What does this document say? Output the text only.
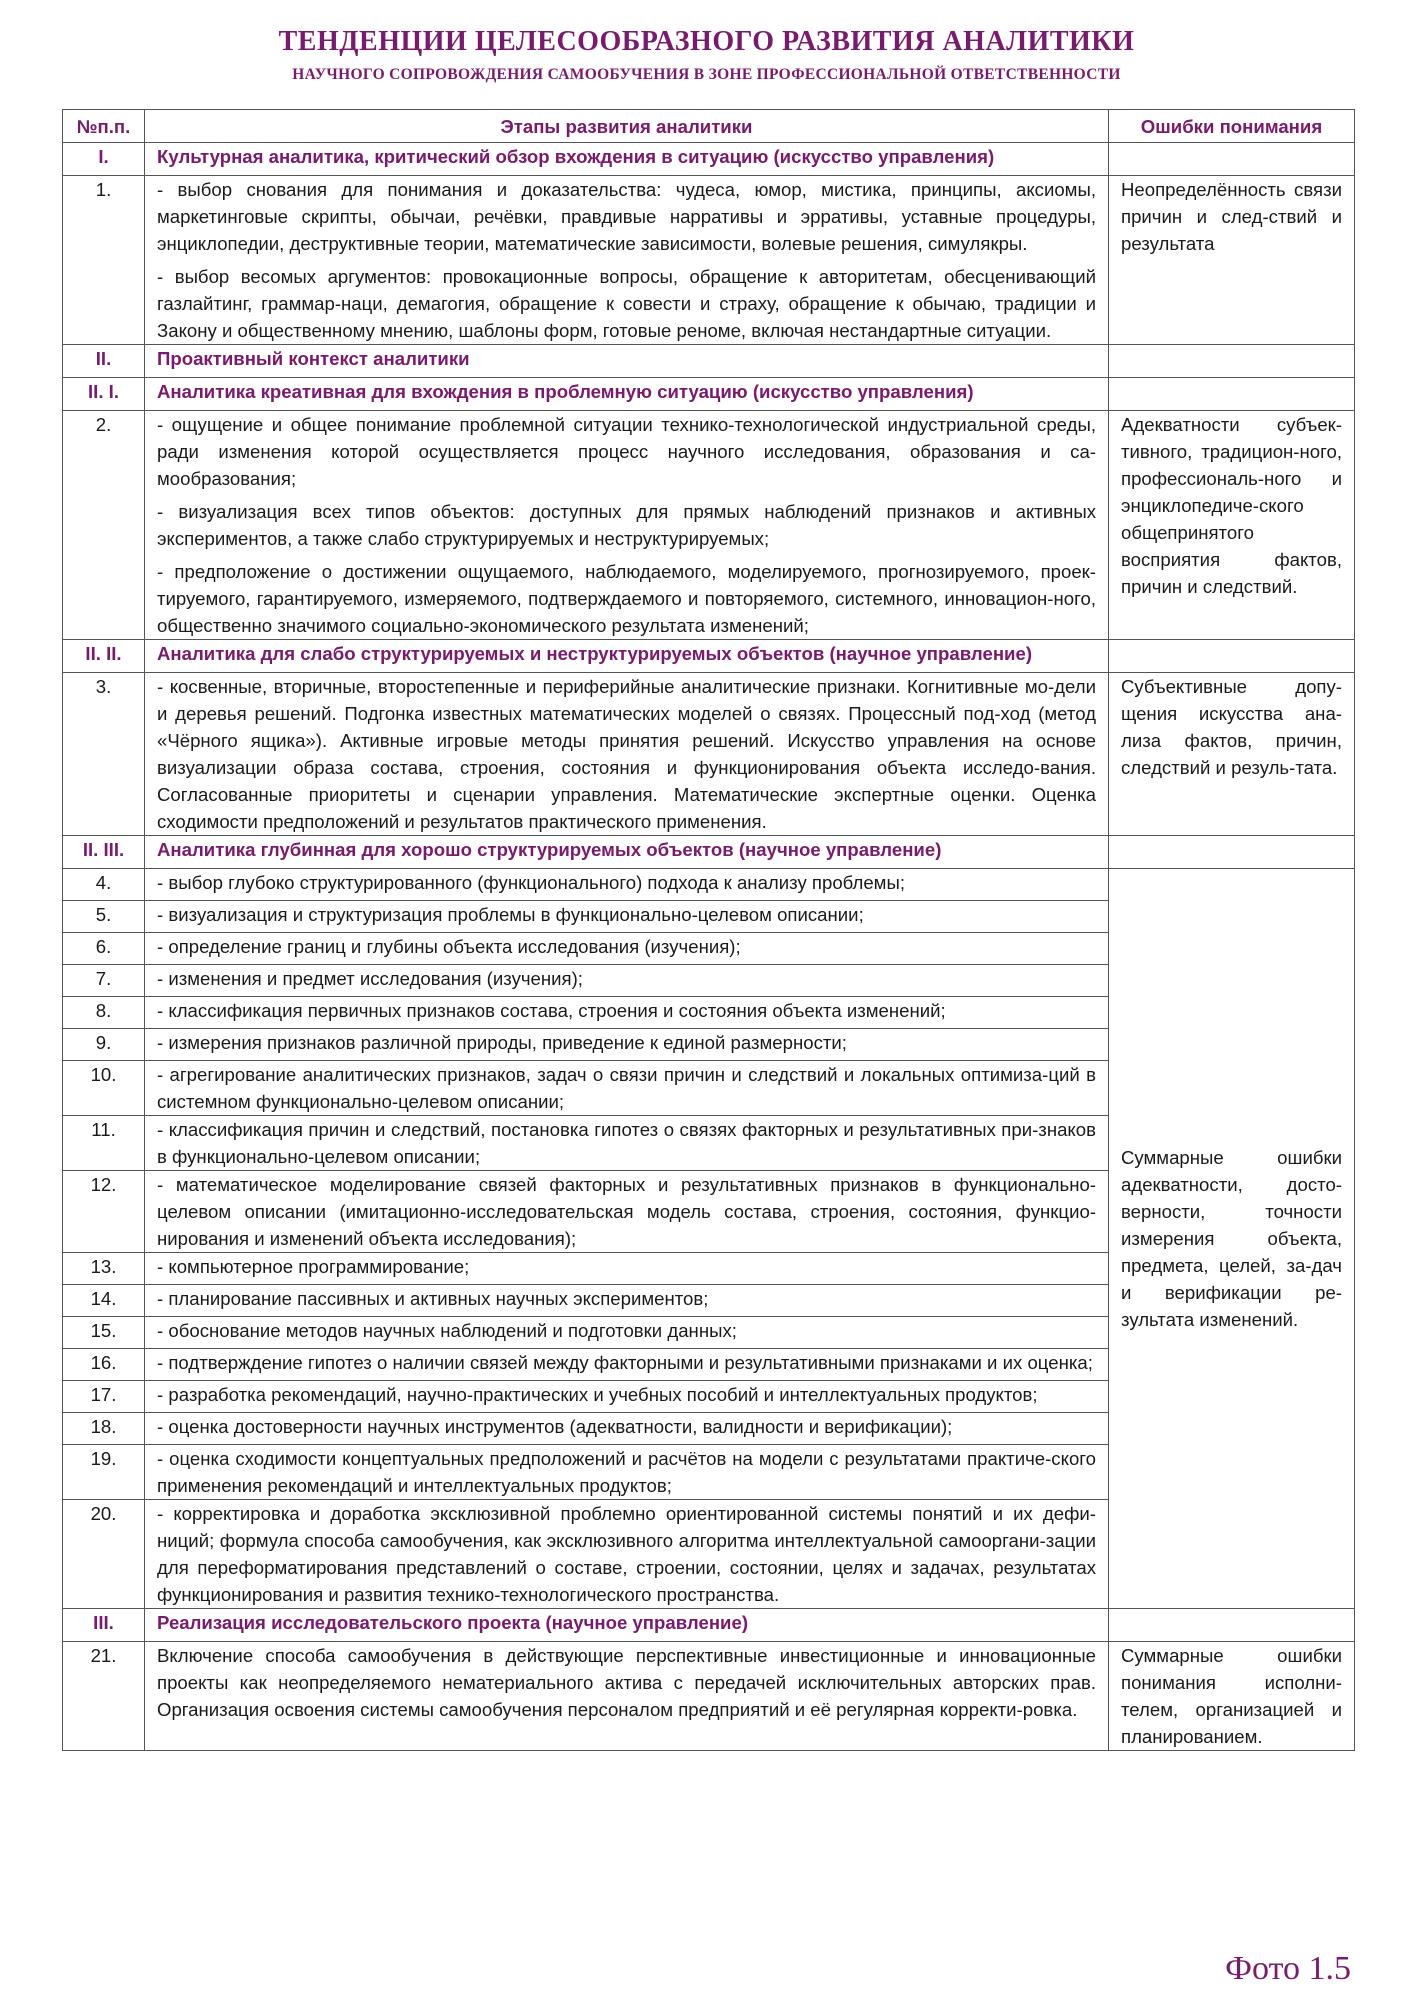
ТЕНДЕНЦИИ ЦЕЛЕСООБРАЗНОГО РАЗВИТИЯ АНАЛИТИКИ
НАУЧНОГО СОПРОВОЖДЕНИЯ САМООБУЧЕНИЯ В ЗОНЕ ПРОФЕССИОНАЛЬНОЙ ОТВЕТСТВЕННОСТИ
№п.п.	Этапы развития аналитики	Ошибки понимания
I.	Культурная аналитика, критический обзор вхождения в ситуацию (искусство управления)	
1.	- выбор снования для понимания и доказательства: чудеса, юмор, мистика, принципы, аксиомы, маркетинговые скрипты, обычаи, речёвки, правдивые нарративы и эрративы, уставные процедуры, энциклопедии, деструктивные теории, математические зависимости, волевые решения, симулякры.

- выбор весомых аргументов: провокационные вопросы, обращение к авторитетам, обесценивающий газлайтинг, граммар-наци, демагогия, обращение к совести и страху, обращение к обычаю, традиции и Закону и общественному мнению, шаблоны форм, готовые реноме, включая нестандартные ситуации.	Неопределённость связи причин и след-ствий и результата
II.	Проактивный контекст аналитики	
II. I.	Аналитика креативная для вхождения в проблемную ситуацию (искусство управления)	
2.	- ощущение и общее понимание проблемной ситуации технико-технологической индустриальной среды, ради изменения которой осуществляется процесс научного исследования, образования и са-мообразования;

- визуализация всех типов объектов: доступных для прямых наблюдений признаков и активных экспериментов, а также слабо структурируемых и неструктурируемых;

- предположение о достижении ощущаемого, наблюдаемого, моделируемого, прогнозируемого, проек-тируемого, гарантируемого, измеряемого, подтверждаемого и повторяемого, системного, инновацион-ного, общественно значимого социально-экономического результата изменений;	Адекватности субъек-тивного, традицион-ного, профессиональ-ного и энциклопедиче-ского общепринятого восприятия фактов, причин и следствий.
II. II.	Аналитика для слабо структурируемых и неструктурируемых объектов (научное управление)	
3.	- косвенные, вторичные, второстепенные и периферийные аналитические признаки. Когнитивные мо-дели и деревья решений. Подгонка известных математических моделей о связях. Процессный под-ход (метод «Чёрного ящика»). Активные игровые методы принятия решений. Искусство управления на основе визуализации образа состава, строения, состояния и функционирования объекта исследо-вания. Согласованные приоритеты и сценарии управления. Математические экспертные оценки. Оценка сходимости предположений и результатов практического применения.	Субъективные допу-щения искусства ана-лиза фактов, причин, следствий и резуль-тата.
II. III.	Аналитика глубинная для хорошо структурируемых объектов (научное управление)	
4.	- выбор глубоко структурированного (функционального) подхода к анализу проблемы;	Суммарные ошибки адекватности, досто-верности, точности измерения объекта, предмета, целей, за-дач и верификации ре-зультата изменений.
5.	- визуализация и структуризация проблемы в функционально-целевом описании;	
6.	- определение границ и глубины объекта исследования (изучения);	
7.	- изменения и предмет исследования (изучения);	
8.	- классификация первичных признаков состава, строения и состояния объекта изменений;	
9.	- измерения признаков различной природы, приведение к единой размерности;	
10.	- агрегирование аналитических признаков, задач о связи причин и следствий и локальных оптимиза-ций в системном функционально-целевом описании;	
11.	- классификация причин и следствий, постановка гипотез о связях факторных и результативных при-знаков в функционально-целевом описании;	
12.	- математическое моделирование связей факторных и результативных признаков в функционально-целевом описании (имитационно-исследовательская модель состава, строения, состояния, функцио-нирования и изменений объекта исследования);	
13.	- компьютерное программирование;	
14.	- планирование пассивных и активных научных экспериментов;	
15.	- обоснование методов научных наблюдений и подготовки данных;	
16.	- подтверждение гипотез о наличии связей между факторными и результативными признаками и их оценка;	
17.	- разработка рекомендаций, научно-практических и учебных пособий и интеллектуальных продуктов;	
18.	- оценка достоверности научных инструментов (адекватности, валидности и верификации);	
19.	- оценка сходимости концептуальных предположений и расчётов на модели с результатами практиче-ского применения рекомендаций и интеллектуальных продуктов;	
20.	- корректировка и доработка эксклюзивной проблемно ориентированной системы понятий и их дефи-ниций; формула способа самообучения, как эксклюзивного алгоритма интеллектуальной самооргани-зации для переформатирования представлений о составе, строении, состоянии, целях и задачах, результатах функционирования и развития технико-технологического пространства.	
III.	Реализация исследовательского проекта (научное управление)	
21.	Включение способа самообучения в действующие перспективные инвестиционные и инновационные проекты как неопределяемого нематериального актива с передачей исключительных авторских прав. Организация освоения системы самообучения персоналом предприятий и её регулярная корректи-ровка.	Суммарные ошибки понимания исполни-телем, организацией и планированием.
Фото 1.5
